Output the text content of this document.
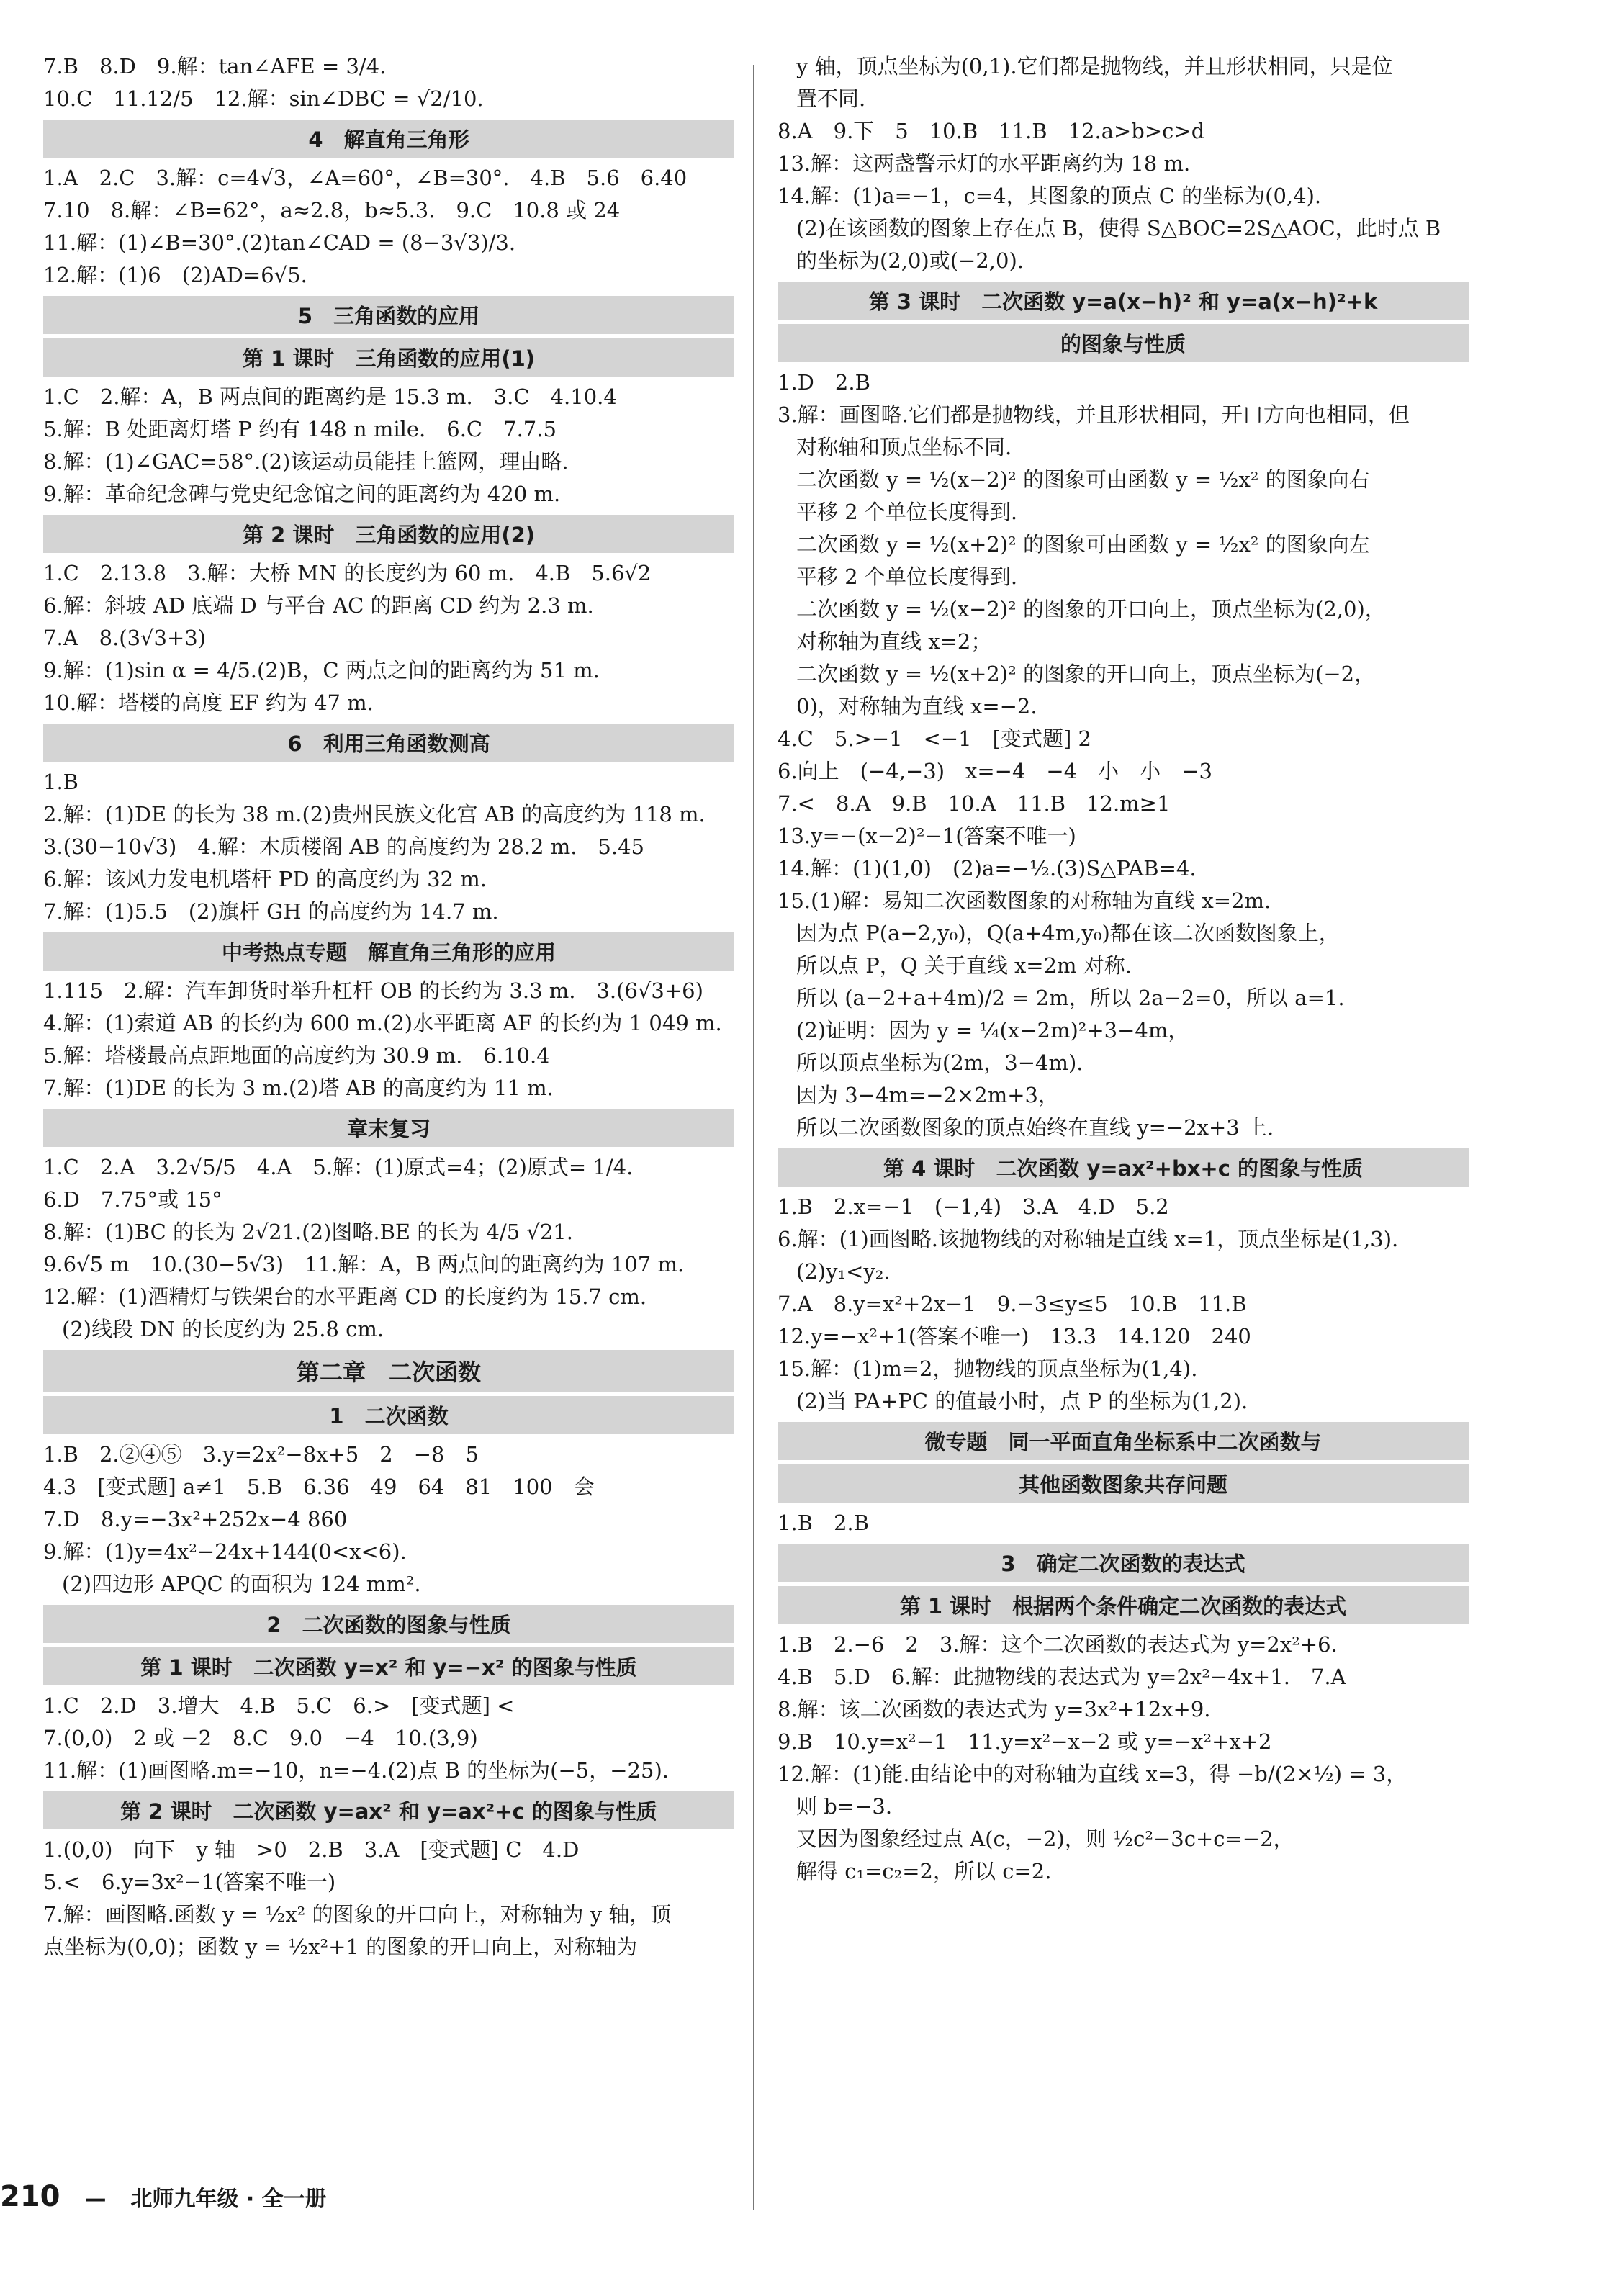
7.B　8.D　9.解：tan∠AFE = 3/4.
10.C　11.12/5　12.解：sin∠DBC = √2/10.
4　解直角三角形
1.A　2.C　3.解：c=4√3，∠A=60°，∠B=30°.　4.B　5.6　6.40
7.10　8.解：∠B=62°，a≈2.8，b≈5.3.　9.C　10.8 或 24
11.解：(1)∠B=30°.(2)tan∠CAD = (8−3√3)/3.
12.解：(1)6　(2)AD=6√5.
5　三角函数的应用
第 1 课时　三角函数的应用(1)
1.C　2.解：A，B 两点间的距离约是 15.3 m.　3.C　4.10.4
5.解：B 处距离灯塔 P 约有 148 n mile.　6.C　7.7.5
8.解：(1)∠GAC=58°.(2)该运动员能挂上篮网，理由略.
9.解：革命纪念碑与党史纪念馆之间的距离约为 420 m.
第 2 课时　三角函数的应用(2)
1.C　2.13.8　3.解：大桥 MN 的长度约为 60 m.　4.B　5.6√2
6.解：斜坡 AD 底端 D 与平台 AC 的距离 CD 约为 2.3 m.
7.A　8.(3√3+3)
9.解：(1)sin α = 4/5.(2)B，C 两点之间的距离约为 51 m.
10.解：塔楼的高度 EF 约为 47 m.
6　利用三角函数测高
1.B
2.解：(1)DE 的长为 38 m.(2)贵州民族文化宫 AB 的高度约为 118 m.
3.(30−10√3)　4.解：木质楼阁 AB 的高度约为 28.2 m.　5.45
6.解：该风力发电机塔杆 PD 的高度约为 32 m.
7.解：(1)5.5　(2)旗杆 GH 的高度约为 14.7 m.
中考热点专题　解直角三角形的应用
1.115　2.解：汽车卸货时举升杠杆 OB 的长约为 3.3 m.　3.(6√3+6)
4.解：(1)索道 AB 的长约为 600 m.(2)水平距离 AF 的长约为 1 049 m.
5.解：塔楼最高点距地面的高度约为 30.9 m.　6.10.4
7.解：(1)DE 的长为 3 m.(2)塔 AB 的高度约为 11 m.
章末复习
1.C　2.A　3.2√5/5　4.A　5.解：(1)原式=4；(2)原式= 1/4.
6.D　7.75°或 15°
8.解：(1)BC 的长为 2√21.(2)图略.BE 的长为 4/5 √21.
9.6√5 m　10.(30−5√3)　11.解：A，B 两点间的距离约为 107 m.
12.解：(1)酒精灯与铁架台的水平距离 CD 的长度约为 15.7 cm.
(2)线段 DN 的长度约为 25.8 cm.
第二章　二次函数
1　二次函数
1.B　2.②④⑤　3.y=2x²−8x+5　2　−8　5
4.3　[变式题] a≠1　5.B　6.36　49　64　81　100　会
7.D　8.y=−3x²+252x−4 860
9.解：(1)y=4x²−24x+144(0<x<6).
(2)四边形 APQC 的面积为 124 mm².
2　二次函数的图象与性质
第 1 课时　二次函数 y=x² 和 y=−x² 的图象与性质
1.C　2.D　3.增大　4.B　5.C　6.>　[变式题] <
7.(0,0)　2 或 −2　8.C　9.0　−4　10.(3,9)
11.解：(1)画图略.m=−10，n=−4.(2)点 B 的坐标为(−5，−25).
第 2 课时　二次函数 y=ax² 和 y=ax²+c 的图象与性质
1.(0,0)　向下　y 轴　>0　2.B　3.A　[变式题] C　4.D
5.<　6.y=3x²−1(答案不唯一)
7.解：画图略.函数 y = ½x² 的图象的开口向上，对称轴为 y 轴，顶
点坐标为(0,0)；函数 y = ½x²+1 的图象的开口向上，对称轴为
y 轴，顶点坐标为(0,1).它们都是抛物线，并且形状相同，只是位
置不同.
8.A　9.下　5　10.B　11.B　12.a>b>c>d
13.解：这两盏警示灯的水平距离约为 18 m.
14.解：(1)a=−1，c=4，其图象的顶点 C 的坐标为(0,4).
(2)在该函数的图象上存在点 B，使得 S△BOC=2S△AOC，此时点 B
的坐标为(2,0)或(−2,0).
第 3 课时　二次函数 y=a(x−h)² 和 y=a(x−h)²+k
的图象与性质
1.D　2.B
3.解：画图略.它们都是抛物线，并且形状相同，开口方向也相同，但
对称轴和顶点坐标不同.
二次函数 y = ½(x−2)² 的图象可由函数 y = ½x² 的图象向右
平移 2 个单位长度得到.
二次函数 y = ½(x+2)² 的图象可由函数 y = ½x² 的图象向左
平移 2 个单位长度得到.
二次函数 y = ½(x−2)² 的图象的开口向上，顶点坐标为(2,0)，
对称轴为直线 x=2；
二次函数 y = ½(x+2)² 的图象的开口向上，顶点坐标为(−2，
0)，对称轴为直线 x=−2.
4.C　5.>−1　<−1　[变式题] 2
6.向上　(−4,−3)　x=−4　−4　小　小　−3
7.<　8.A　9.B　10.A　11.B　12.m≥1
13.y=−(x−2)²−1(答案不唯一)
14.解：(1)(1,0)　(2)a=−½.(3)S△PAB=4.
15.(1)解：易知二次函数图象的对称轴为直线 x=2m.
因为点 P(a−2,y₀)，Q(a+4m,y₀)都在该二次函数图象上，
所以点 P，Q 关于直线 x=2m 对称.
所以 (a−2+a+4m)/2 = 2m，所以 2a−2=0，所以 a=1.
(2)证明：因为 y = ¼(x−2m)²+3−4m，
所以顶点坐标为(2m，3−4m).
因为 3−4m=−2×2m+3，
所以二次函数图象的顶点始终在直线 y=−2x+3 上.
第 4 课时　二次函数 y=ax²+bx+c 的图象与性质
1.B　2.x=−1　(−1,4)　3.A　4.D　5.2
6.解：(1)画图略.该抛物线的对称轴是直线 x=1，顶点坐标是(1,3).
(2)y₁<y₂.
7.A　8.y=x²+2x−1　9.−3≤y≤5　10.B　11.B
12.y=−x²+1(答案不唯一)　13.3　14.120　240
15.解：(1)m=2，抛物线的顶点坐标为(1,4).
(2)当 PA+PC 的值最小时，点 P 的坐标为(1,2).
微专题　同一平面直角坐标系中二次函数与
其他函数图象共存问题
1.B　2.B
3　确定二次函数的表达式
第 1 课时　根据两个条件确定二次函数的表达式
1.B　2.−6　2　3.解：这个二次函数的表达式为 y=2x²+6.
4.B　5.D　6.解：此抛物线的表达式为 y=2x²−4x+1.　7.A
8.解：该二次函数的表达式为 y=3x²+12x+9.
9.B　10.y=x²−1　11.y=x²−x−2 或 y=−x²+x+2
12.解：(1)能.由结论中的对称轴为直线 x=3，得 −b/(2×½) = 3，
则 b=−3.
又因为图象经过点 A(c，−2)，则 ½c²−3c+c=−2，
解得 c₁=c₂=2，所以 c=2.
210 — 北师九年级 · 全一册
